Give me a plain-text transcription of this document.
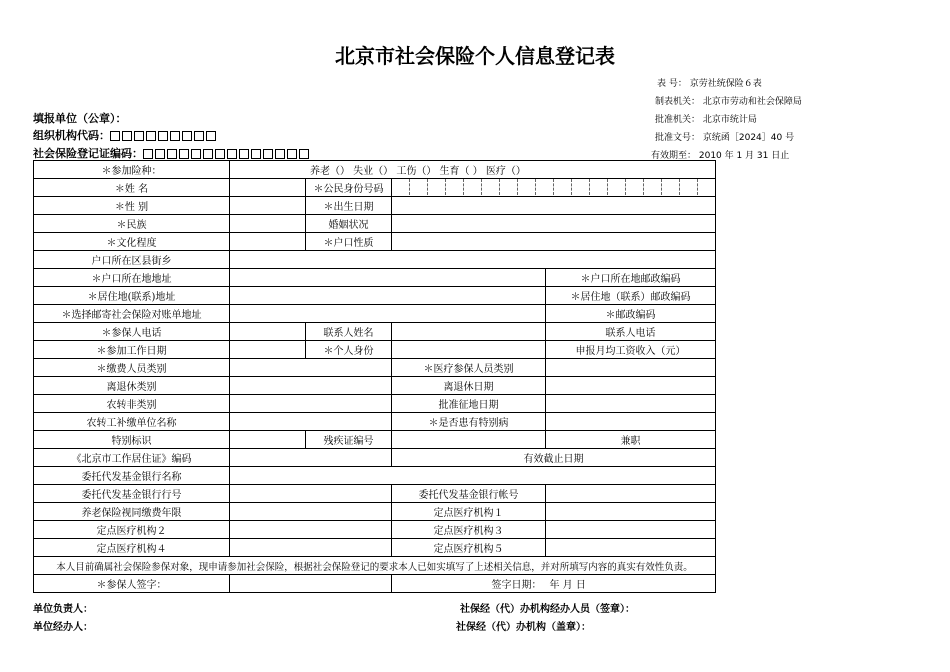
北京市社会保险个人信息登记表
表 号： 京劳社统保险６表
制表机关： 北京市劳动和社会保障局
批准机关： 北京市统计局
批准文号： 京统函［2024］40 号
有效期至： 2010 年 1 月 31 日止
填报单位（公章）：
组织机构代码：
社会保险登记证编码：
＊参加险种：	养老（） 失业（） 工伤（） 生育（ ） 医疗（）			
＊姓 名		＊公民身份号码		

＊性 别		＊出生日期		
＊民族		婚姻状况		
＊文化程度		＊户口性质		
户口所在区县街乡				
＊户口所在地地址				＊户口所在地邮政编码
＊居住地(联系)地址				＊居住地（联系）邮政编码
＊选择邮寄社会保险对账单地址				＊邮政编码
＊参保人电话		联系人姓名		联系人电话
＊参加工作日期		＊个人身份		申报月均工资收入（元）
＊缴费人员类别			＊医疗参保人员类别	
离退休类别			离退休日期	
农转非类别			批准征地日期	
农转工补缴单位名称			＊是否患有特别病	
特别标识		残疾证编号		兼职
《北京市工作居住证》编码			有效截止日期	
委托代发基金银行名称				
委托代发基金银行行号			委托代发基金银行帐号	
养老保险视同缴费年限			定点医疗机构１	
定点医疗机构２			定点医疗机构３	
定点医疗机构４			定点医疗机构５	
本人目前确属社会保险参保对象，现申请参加社会保险，根据社会保险登记的要求本人已如实填写了上述相关信息，并对所填写内容的真实有效性负责。				
＊参保人签字：			签字日期：	年 月 日
单位负责人：
单位经办人：
社保经（代）办机构经办人员（签章）：
社保经（代）办机构（盖章）：
